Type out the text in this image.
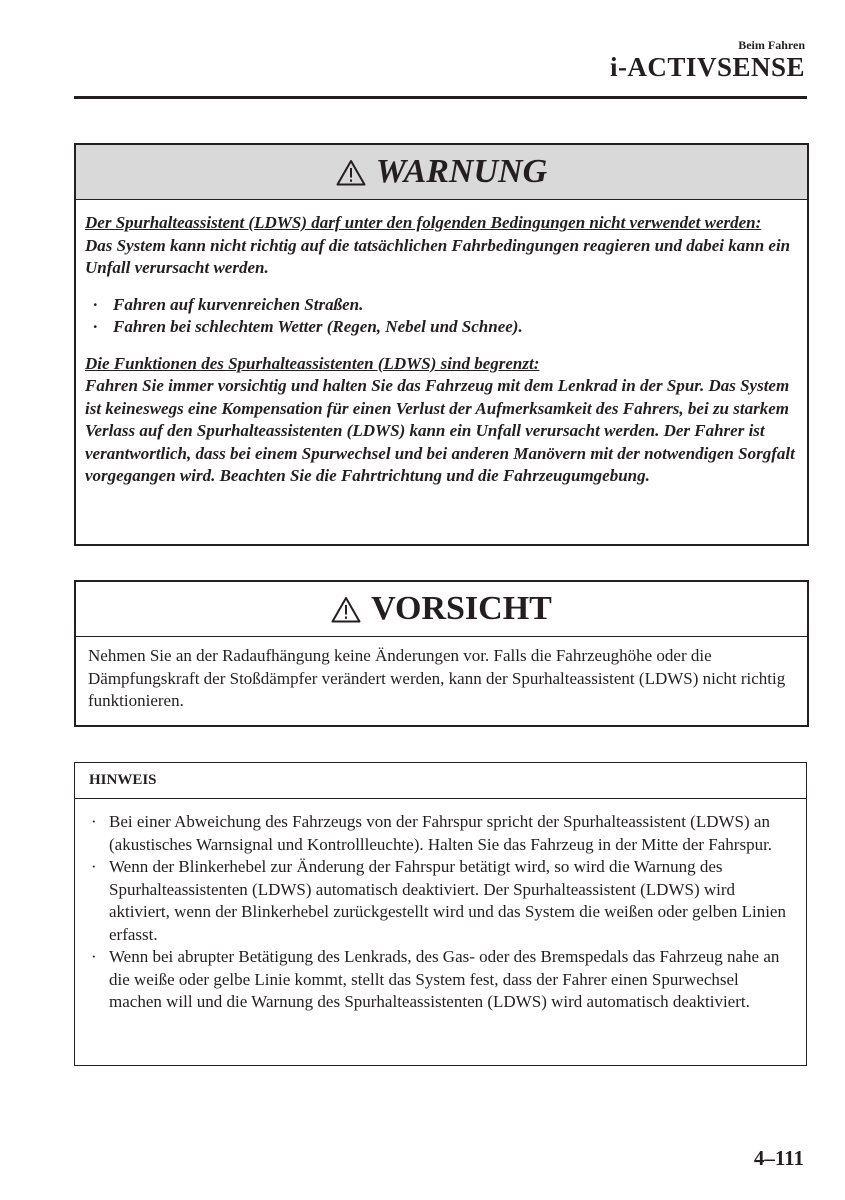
Beim Fahren
i-ACTIVSENSE
WARNUNG

Der Spurhalteassistent (LDWS) darf unter den folgenden Bedingungen nicht verwendet werden:

Das System kann nicht richtig auf die tatsächlichen Fahrbedingungen reagieren und dabei kann ein Unfall verursacht werden.

· Fahren auf kurvenreichen Straßen.
· Fahren bei schlechtem Wetter (Regen, Nebel und Schnee).

Die Funktionen des Spurhalteassistenten (LDWS) sind begrenzt:

Fahren Sie immer vorsichtig und halten Sie das Fahrzeug mit dem Lenkrad in der Spur. Das System ist keineswegs eine Kompensation für einen Verlust der Aufmerksamkeit des Fahrers, bei zu starkem Verlass auf den Spurhalteassistenten (LDWS) kann ein Unfall verursacht werden. Der Fahrer ist verantwortlich, dass bei einem Spurwechsel und bei anderen Manövern mit der notwendigen Sorgfalt vorgegangen wird. Beachten Sie die Fahrtrichtung und die Fahrzeugumgebung.

VORSICHT
Nehmen Sie an der Radaufhängung keine Änderungen vor. Falls die Fahrzeughöhe oder die Dämpfungskraft der Stoßdämpfer verändert werden, kann der Spurhalteassistent (LDWS) nicht richtig funktionieren.
HINWEIS
· Bei einer Abweichung des Fahrzeugs von der Fahrspur spricht der Spurhalteassistent (LDWS) an (akustisches Warnsignal und Kontrollleuchte). Halten Sie das Fahrzeug in der Mitte der Fahrspur.
· Wenn der Blinkerhebel zur Änderung der Fahrspur betätigt wird, so wird die Warnung des Spurhalteassistenten (LDWS) automatisch deaktiviert. Der Spurhalteassistent (LDWS) wird aktiviert, wenn der Blinkerhebel zurückgestellt wird und das System die weißen oder gelben Linien erfasst.
· Wenn bei abrupter Betätigung des Lenkrads, des Gas- oder des Bremspedals das Fahrzeug nahe an die weiße oder gelbe Linie kommt, stellt das System fest, dass der Fahrer einen Spurwechsel machen will und die Warnung des Spurhalteassistenten (LDWS) wird automatisch deaktiviert.
4–111
